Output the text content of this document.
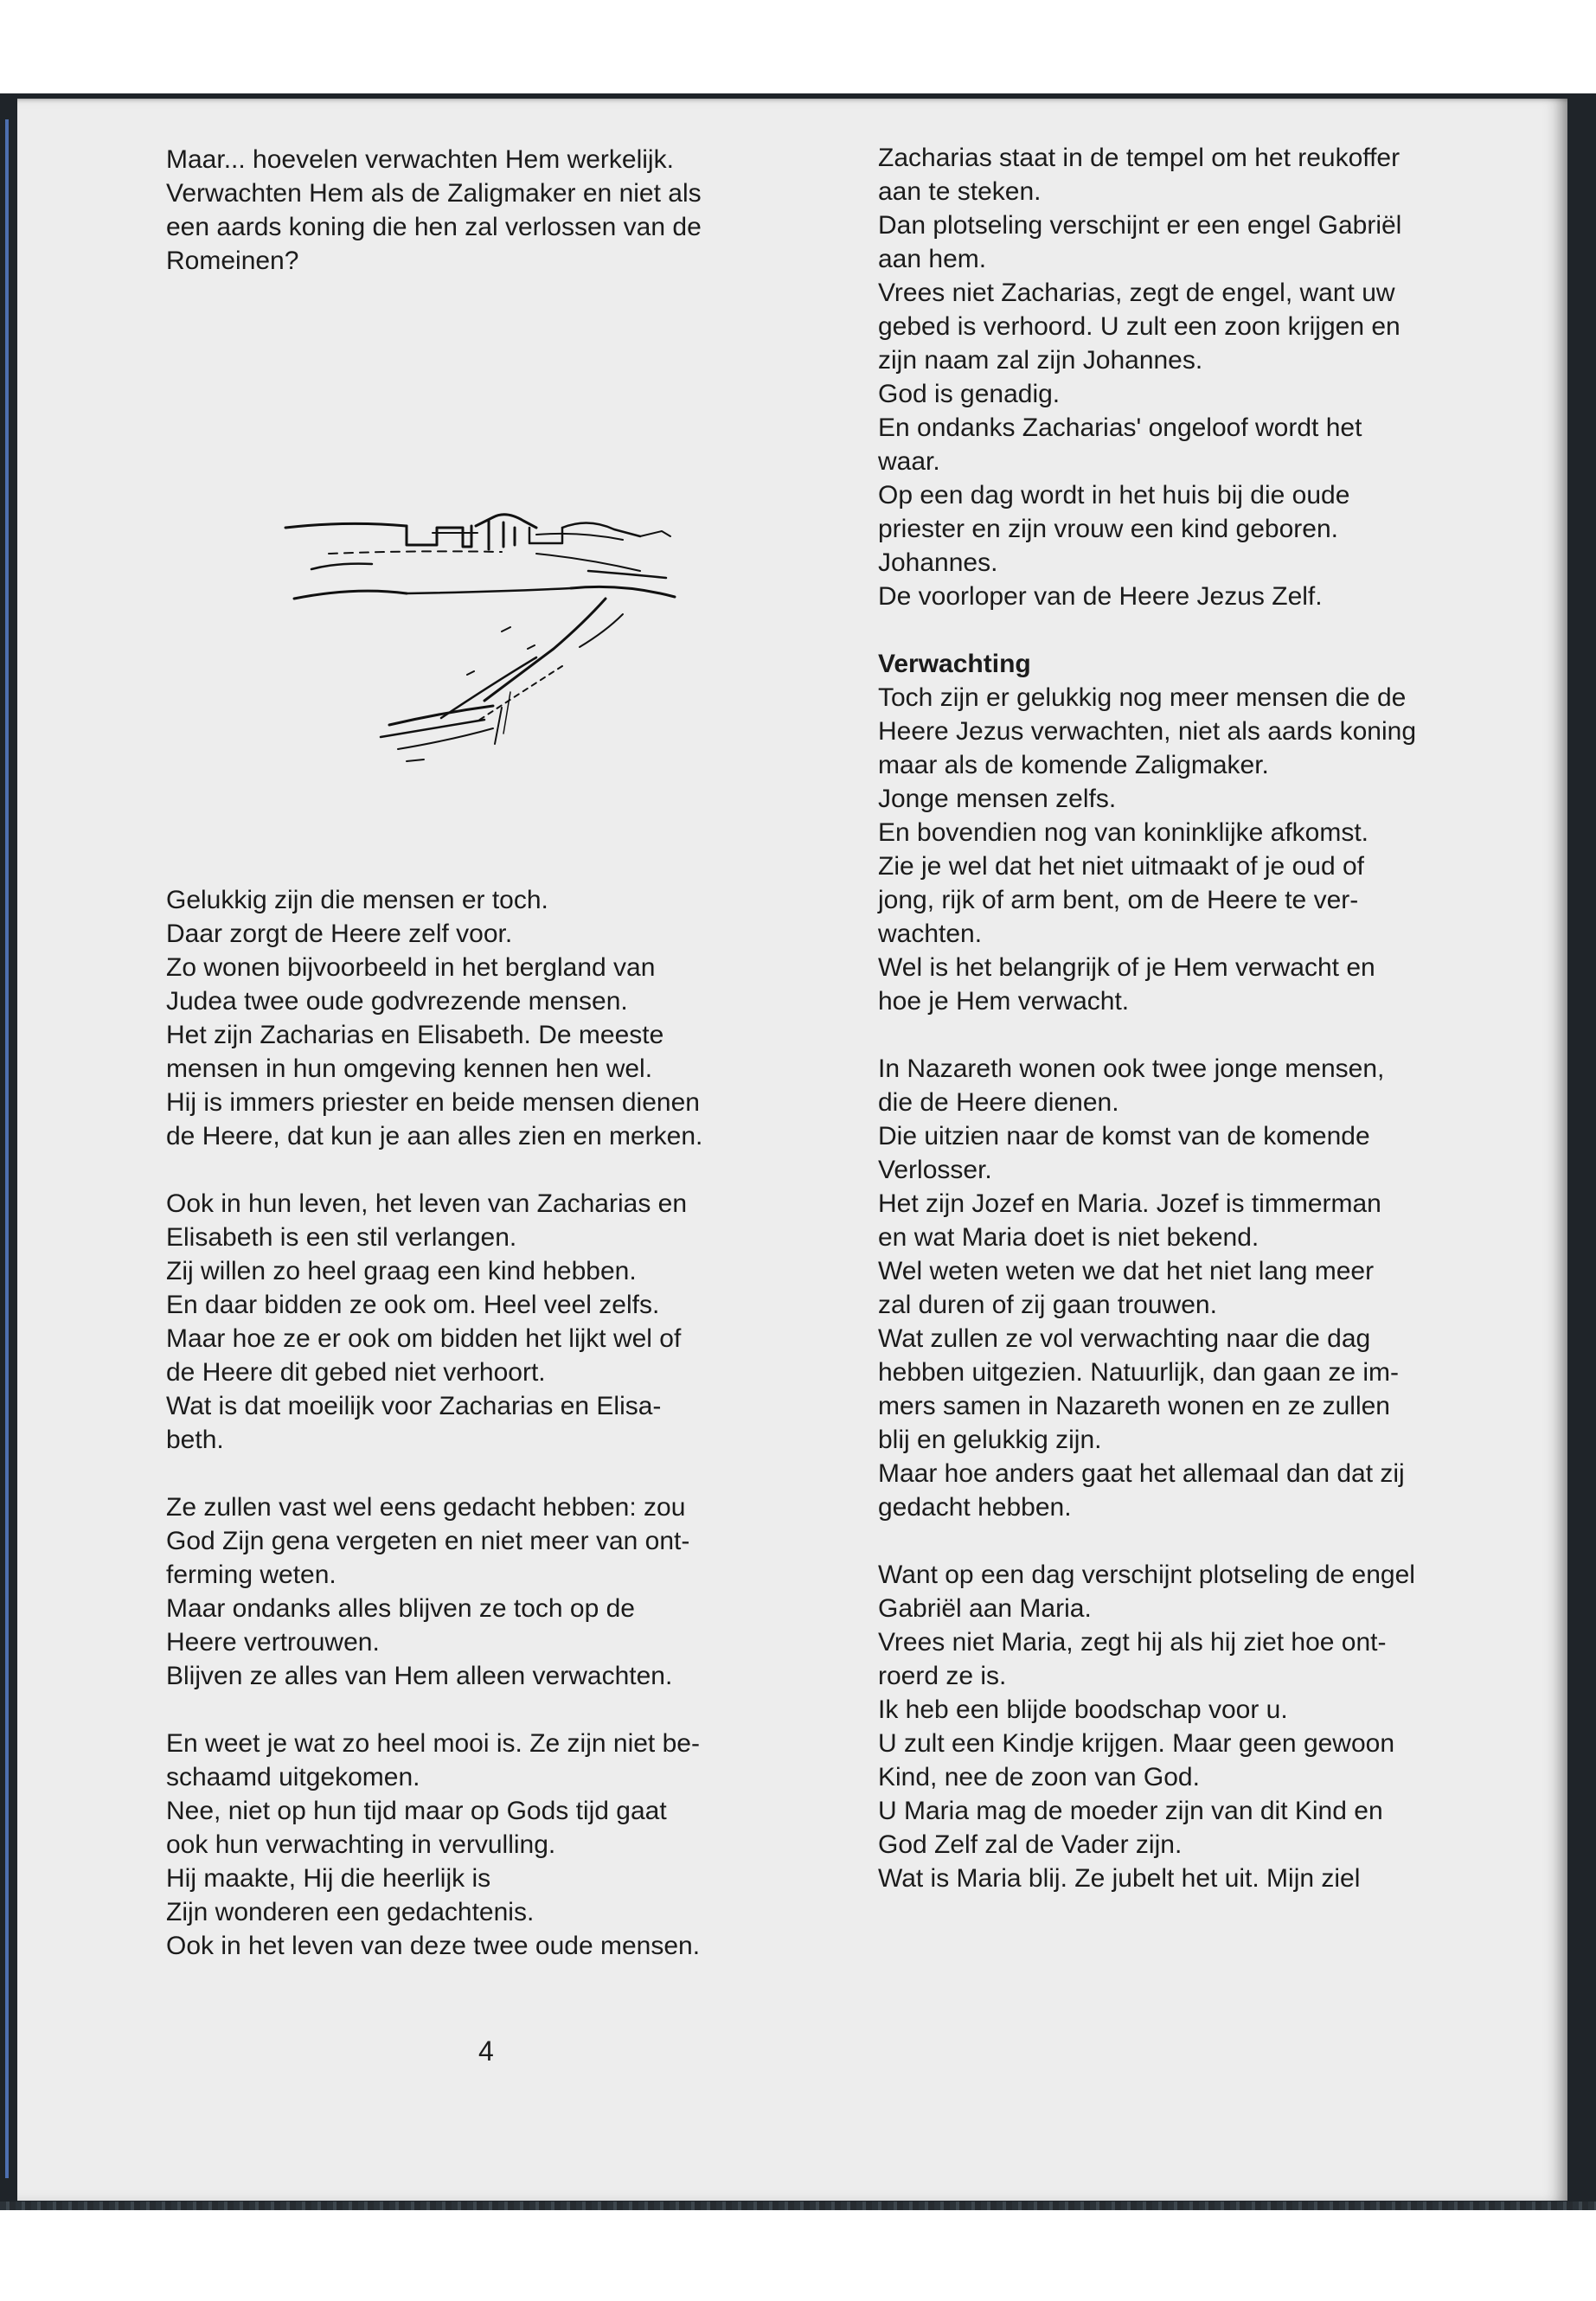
Maar... hoevelen verwachten Hem werkelijk.
Verwachten Hem als de Zaligmaker en niet als
een aards koning die hen zal verlossen van de
Romeinen?
Gelukkig zijn die mensen er toch.
Daar zorgt de Heere zelf voor.
Zo wonen bijvoorbeeld in het bergland van
Judea twee oude godvrezende mensen.
Het zijn Zacharias en Elisabeth. De meeste
mensen in hun omgeving kennen hen wel.
Hij is immers priester en beide mensen dienen
de Heere, dat kun je aan alles zien en merken.
Ook in hun leven, het leven van Zacharias en
Elisabeth is een stil verlangen.
Zij willen zo heel graag een kind hebben.
En daar bidden ze ook om. Heel veel zelfs.
Maar hoe ze er ook om bidden het lijkt wel of
de Heere dit gebed niet verhoort.
Wat is dat moeilijk voor Zacharias en Elisa-
beth.
Ze zullen vast wel eens gedacht hebben: zou
God Zijn gena vergeten en niet meer van ont-
ferming weten.
Maar ondanks alles blijven ze toch op de
Heere vertrouwen.
Blijven ze alles van Hem alleen verwachten.
En weet je wat zo heel mooi is. Ze zijn niet be-
schaamd uitgekomen.
Nee, niet op hun tijd maar op Gods tijd gaat
ook hun verwachting in vervulling.
Hij maakte, Hij die heerlijk is
Zijn wonderen een gedachtenis.
Ook in het leven van deze twee oude mensen.
Zacharias staat in de tempel om het reukoffer
aan te steken.
Dan plotseling verschijnt er een engel Gabriël
aan hem.
Vrees niet Zacharias, zegt de engel, want uw
gebed is verhoord. U zult een zoon krijgen en
zijn naam zal zijn Johannes.
God is genadig.
En ondanks Zacharias' ongeloof wordt het
waar.
Op een dag wordt in het huis bij die oude
priester en zijn vrouw een kind geboren.
Johannes.
De voorloper van de Heere Jezus Zelf.
Verwachting
Toch zijn er gelukkig nog meer mensen die de
Heere Jezus verwachten, niet als aards koning
maar als de komende Zaligmaker.
Jonge mensen zelfs.
En bovendien nog van koninklijke afkomst.
Zie je wel dat het niet uitmaakt of je oud of
jong, rijk of arm bent, om de Heere te ver-
wachten.
Wel is het belangrijk of je Hem verwacht en
hoe je Hem verwacht.
In Nazareth wonen ook twee jonge mensen,
die de Heere dienen.
Die uitzien naar de komst van de komende
Verlosser.
Het zijn Jozef en Maria. Jozef is timmerman
en wat Maria doet is niet bekend.
Wel weten weten we dat het niet lang meer
zal duren of zij gaan trouwen.
Wat zullen ze vol verwachting naar die dag
hebben uitgezien. Natuurlijk, dan gaan ze im-
mers samen in Nazareth wonen en ze zullen
blij en gelukkig zijn.
Maar hoe anders gaat het allemaal dan dat zij
gedacht hebben.
Want op een dag verschijnt plotseling de engel
Gabriël aan Maria.
Vrees niet Maria, zegt hij als hij ziet hoe ont-
roerd ze is.
Ik heb een blijde boodschap voor u.
U zult een Kindje krijgen. Maar geen gewoon
Kind, nee de zoon van God.
U Maria mag de moeder zijn van dit Kind en
God Zelf zal de Vader zijn.
Wat is Maria blij. Ze jubelt het uit. Mijn ziel
4
